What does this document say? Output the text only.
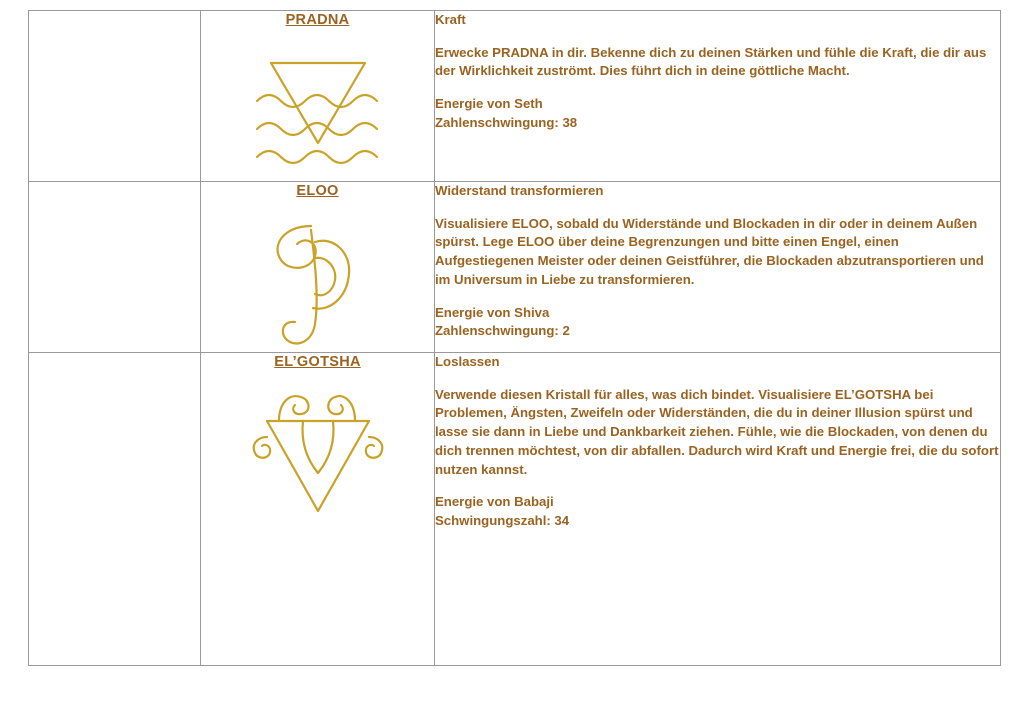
	PRADNA	Kraft

Erwecke PRADNA in dir. Bekenne dich zu deinen Stärken und fühle die Kraft, die dir aus der Wirklichkeit zuströmt. Dies führt dich in deine göttliche Macht.

Energie von Seth

Zahlenschwingung: 38

	ELOO	Widerstand transformieren

Visualisiere ELOO, sobald du Widerstände und Blockaden in dir oder in deinem Außen spürst. Lege ELOO über deine Begrenzungen und bitte einen Engel, einen Aufgestiegenen Meister oder deinen Geistführer, die Blockaden abzutransportieren und im Universum in Liebe zu transformieren.

Energie von Shiva

Zahlenschwingung: 2

	EL’GOTSHA	Loslassen

Verwende diesen Kristall für alles, was dich bindet. Visualisiere EL’GOTSHA bei Problemen, Ängsten, Zweifeln oder Widerständen, die du in deiner Illusion spürst und lasse sie dann in Liebe und Dankbarkeit ziehen. Fühle, wie die Blockaden, von denen du dich trennen möchtest, von dir abfallen. Dadurch wird Kraft und Energie frei, die du sofort nutzen kannst.

Energie von Babaji

Schwingungszahl: 34
